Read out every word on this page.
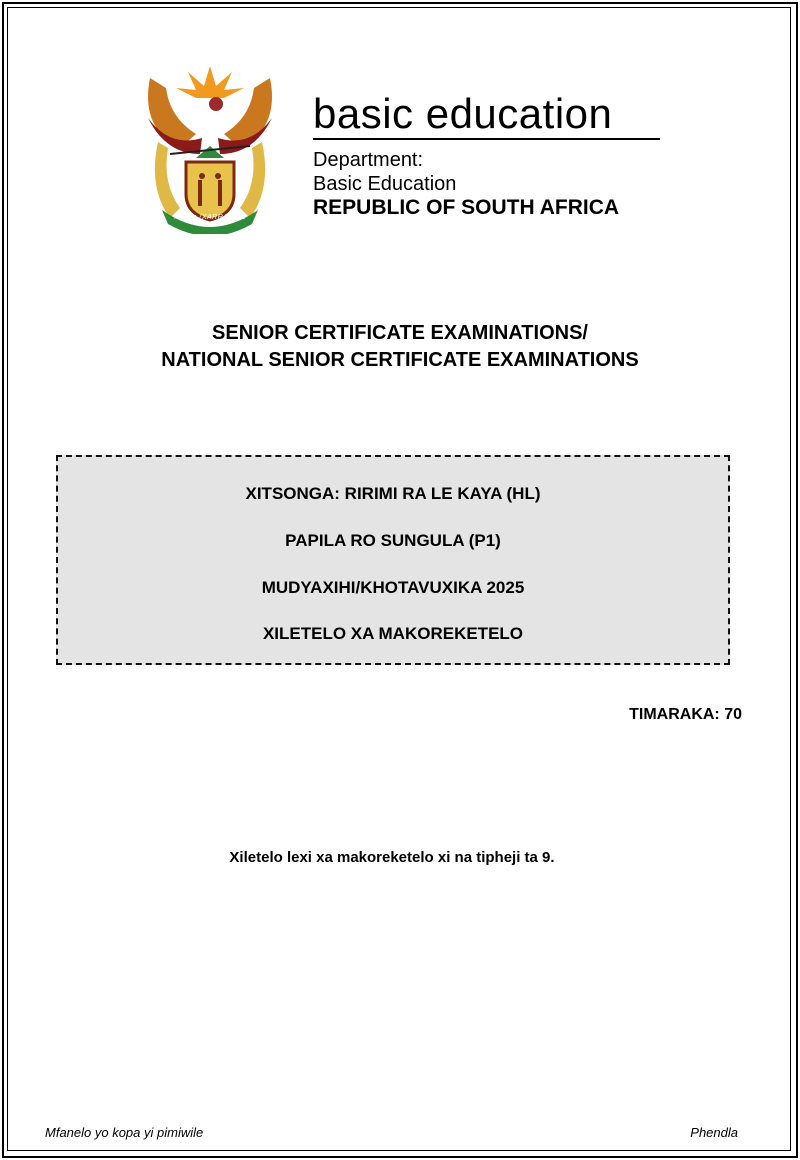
!KE E: /XARRA //KE
basic education
Department:
Basic Education
REPUBLIC OF SOUTH AFRICA
SENIOR CERTIFICATE EXAMINATIONS/
NATIONAL SENIOR CERTIFICATE EXAMINATIONS
XITSONGA: RIRIMI RA LE KAYA (HL)
PAPILA RO SUNGULA (P1)
MUDYAXIHI/KHOTAVUXIKA 2025
XILETELO XA MAKOREKETELO
TIMARAKA: 70
Xiletelo lexi xa makoreketelo xi na tipheji ta 9.
Mfanelo yo kopa yi pimiwile	Phendla
